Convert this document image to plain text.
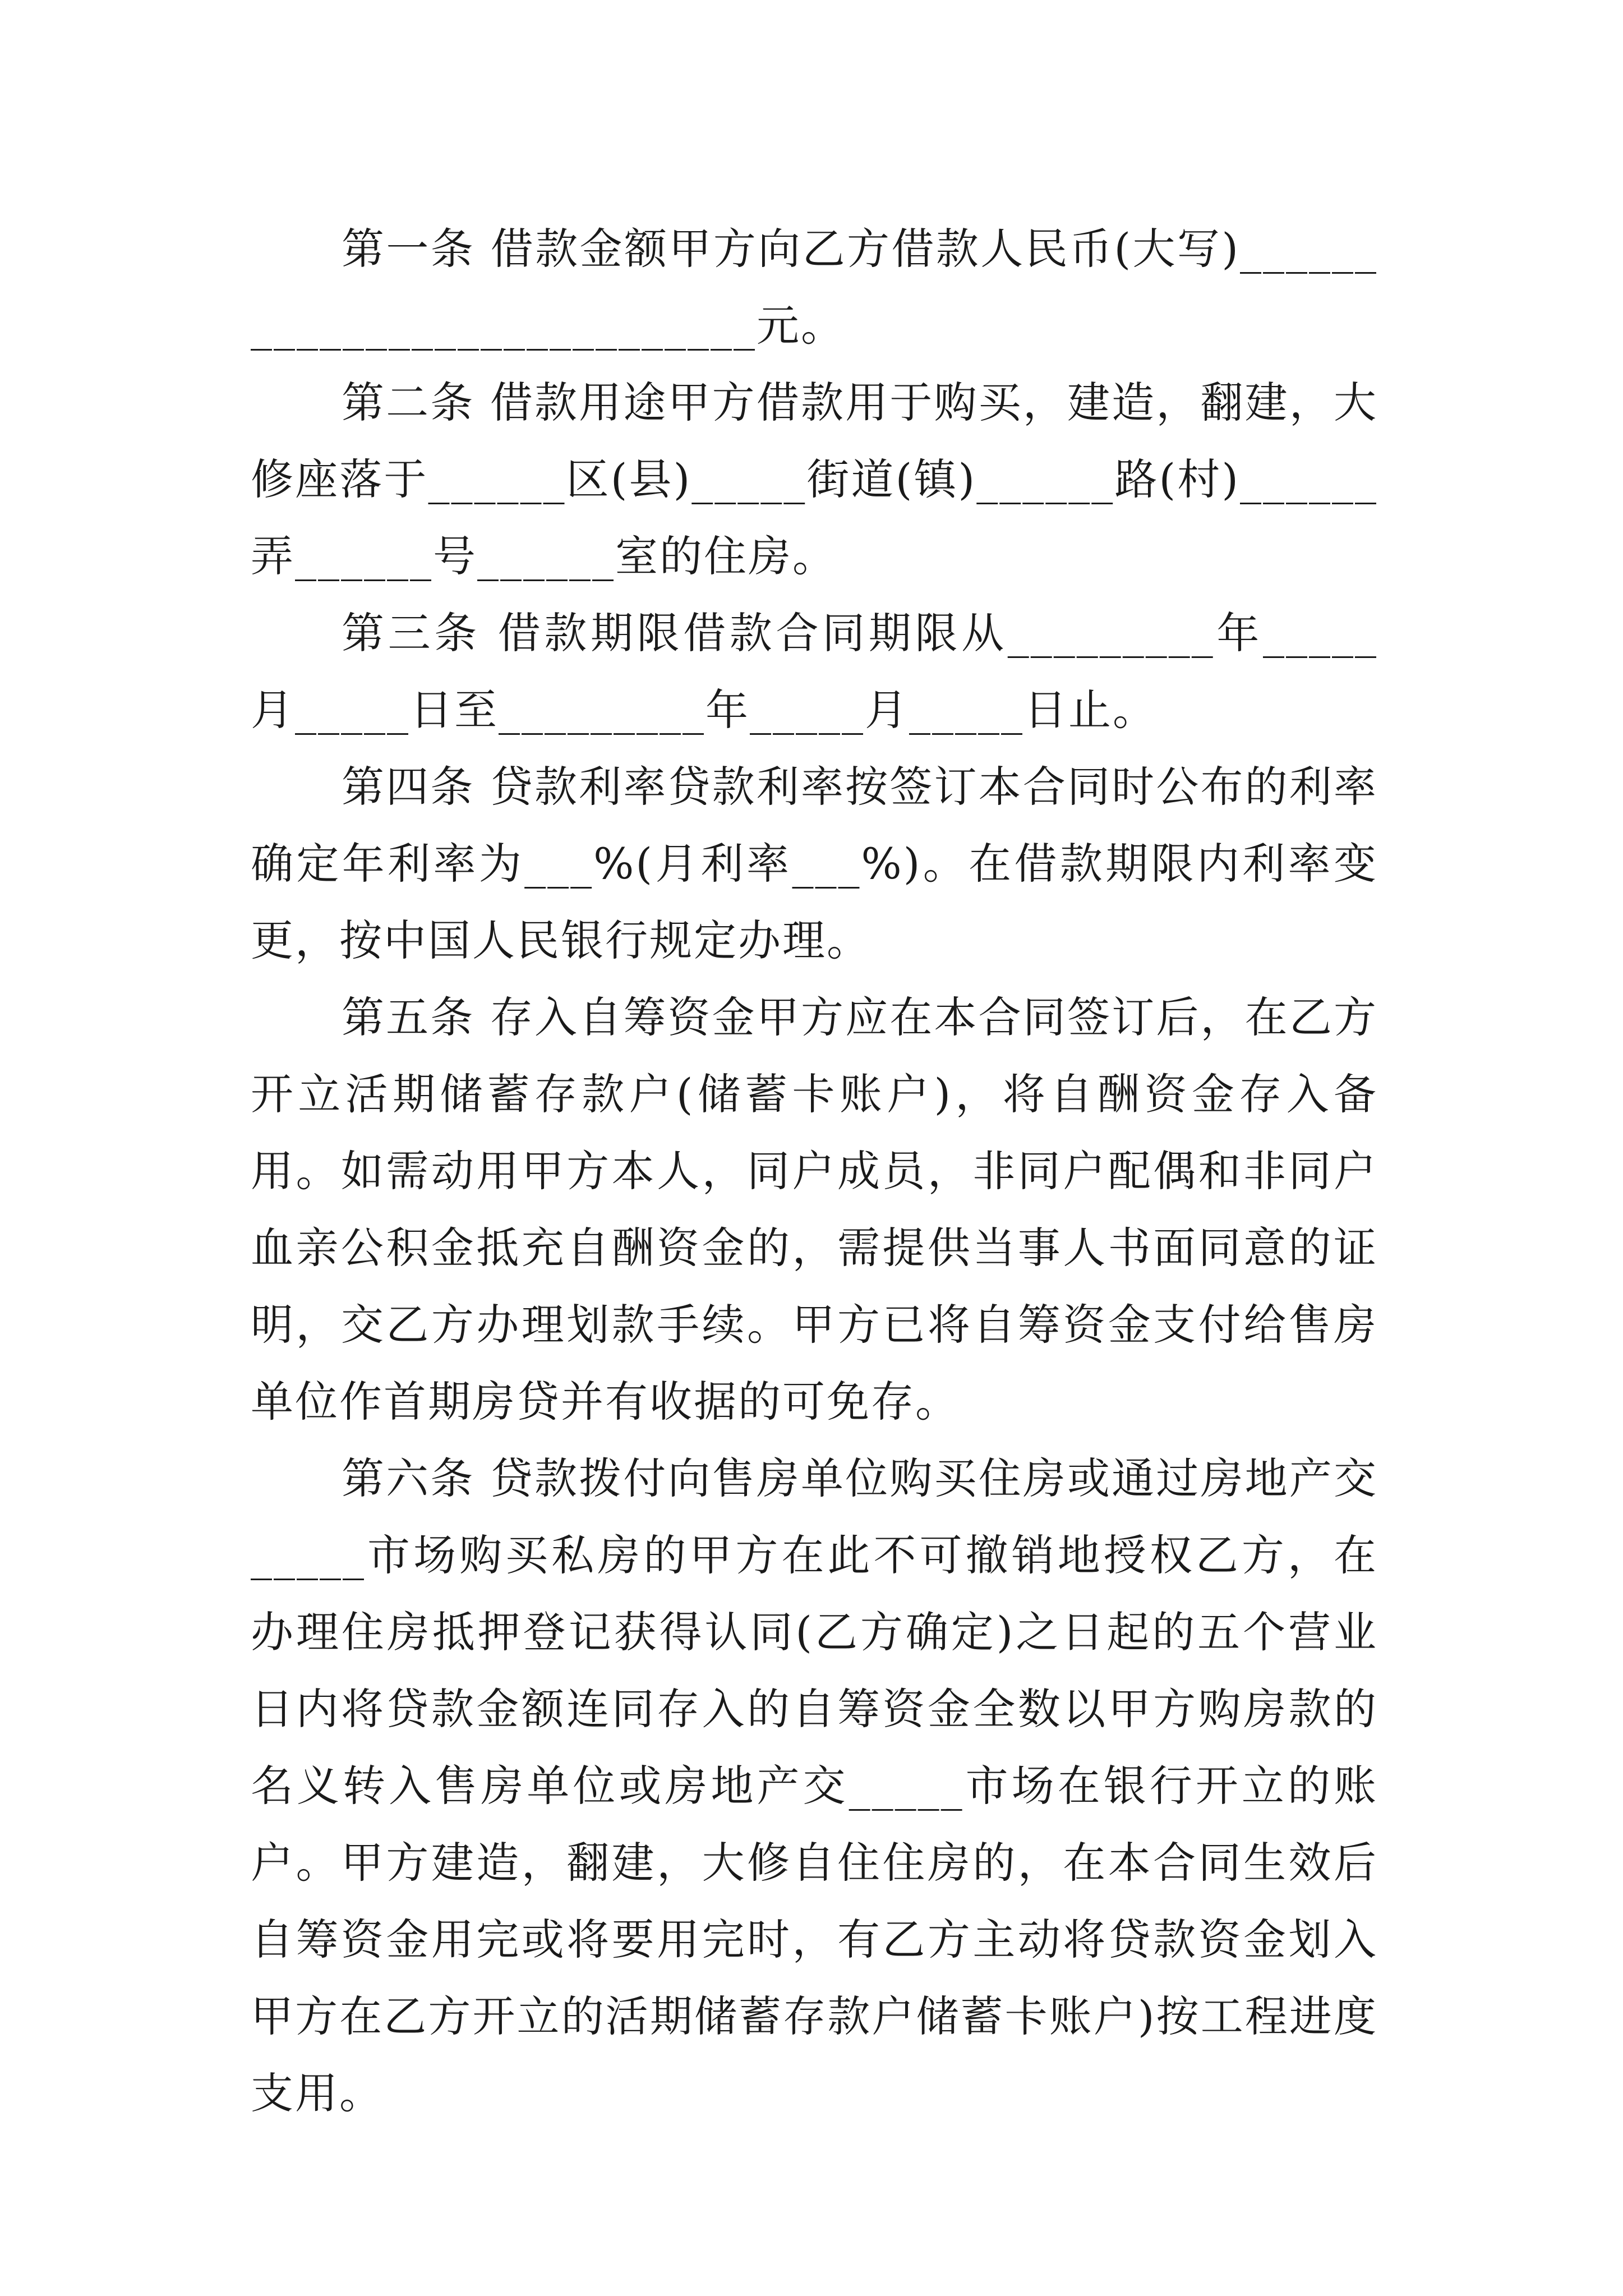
第一条 借款金额甲方向乙方借款人民币(大写)____________________________元。

第二条 借款用途甲方借款用于购买，建造，翻建，大修座落于______区(县)_____街道(镇)______路(村)______弄______号______室的住房。

第三条 借款期限借款合同期限从_________年_____月_____日至_________年_____月_____日止。

第四条 贷款利率贷款利率按签订本合同时公布的利率确定年利率为___%(月利率___%)。在借款期限内利率变更，按中国人民银行规定办理。

第五条 存入自筹资金甲方应在本合同签订后，在乙方开立活期储蓄存款户(储蓄卡账户)，将自酬资金存入备用。如需动用甲方本人，同户成员，非同户配偶和非同户血亲公积金抵充自酬资金的，需提供当事人书面同意的证明，交乙方办理划款手续。甲方已将自筹资金支付给售房单位作首期房贷并有收据的可免存。

第六条 贷款拨付向售房单位购买住房或通过房地产交_____市场购买私房的甲方在此不可撤销地授权乙方，在办理住房抵押登记获得认同(乙方确定)之日起的五个营业日内将贷款金额连同存入的自筹资金全数以甲方购房款的名义转入售房单位或房地产交_____市场在银行开立的账户。甲方建造，翻建，大修自住住房的，在本合同生效后自筹资金用完或将要用完时，有乙方主动将贷款资金划入甲方在乙方开立的活期储蓄存款户储蓄卡账户)按工程进度支用。
